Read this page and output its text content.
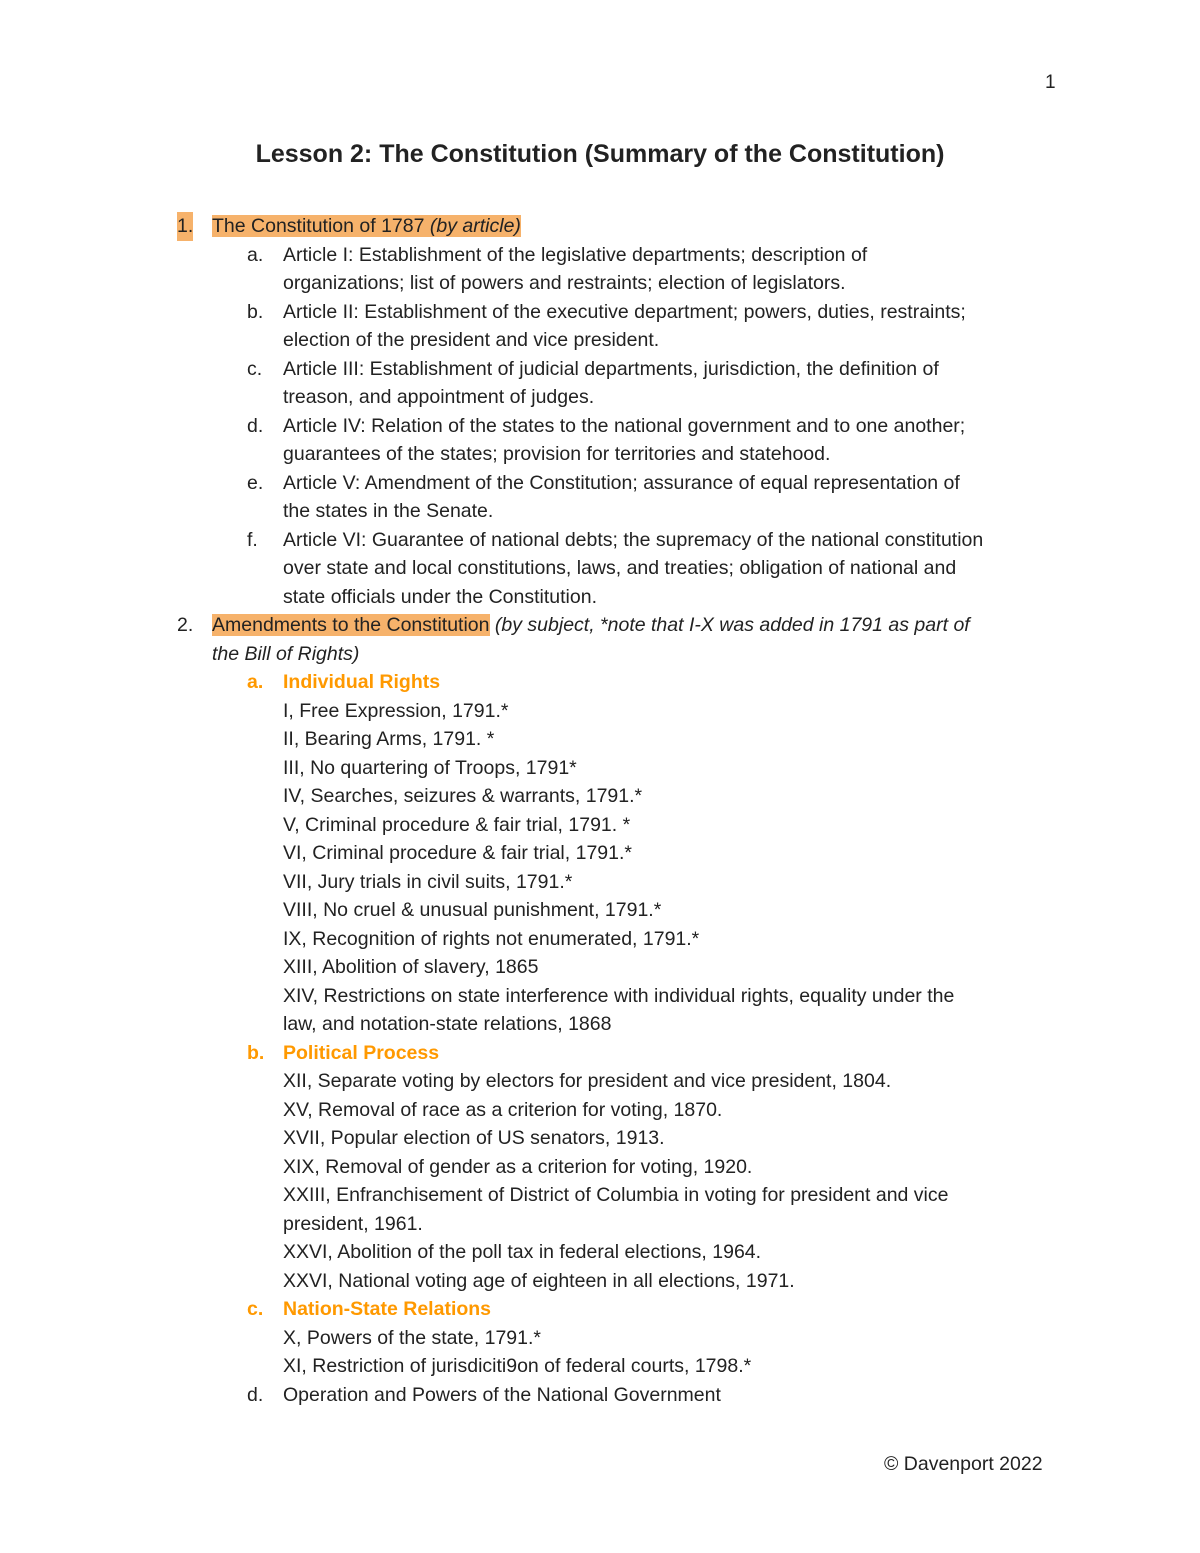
1
Lesson 2: The Constitution (Summary of the Constitution)
1. The Constitution of 1787 (by article)
a. Article I: Establishment of the legislative departments; description of
organizations; list of powers and restraints; election of legislators.
b. Article II: Establishment of the executive department; powers, duties, restraints;
election of the president and vice president.
c. Article III: Establishment of judicial departments, jurisdiction, the definition of
treason, and appointment of judges.
d. Article IV: Relation of the states to the national government and to one another;
guarantees of the states; provision for territories and statehood.
e. Article V: Amendment of the Constitution; assurance of equal representation of
the states in the Senate.
f. Article VI: Guarantee of national debts; the supremacy of the national constitution
over state and local constitutions, laws, and treaties; obligation of national and
state officials under the Constitution.
2. Amendments to the Constitution (by subject, *note that I-X was added in 1791 as part of
the Bill of Rights)
a. Individual Rights
I, Free Expression, 1791.*
II, Bearing Arms, 1791. *
III, No quartering of Troops, 1791*
IV, Searches, seizures & warrants, 1791.*
V, Criminal procedure & fair trial, 1791. *
VI, Criminal procedure & fair trial, 1791.*
VII, Jury trials in civil suits, 1791.*
VIII, No cruel & unusual punishment, 1791.*
IX, Recognition of rights not enumerated, 1791.*
XIII, Abolition of slavery, 1865
XIV, Restrictions on state interference with individual rights, equality under the
law, and notation-state relations, 1868
b. Political Process
XII, Separate voting by electors for president and vice president, 1804.
XV, Removal of race as a criterion for voting, 1870.
XVII, Popular election of US senators, 1913.
XIX, Removal of gender as a criterion for voting, 1920.
XXIII, Enfranchisement of District of Columbia in voting for president and vice
president, 1961.
XXVI, Abolition of the poll tax in federal elections, 1964.
XXVI, National voting age of eighteen in all elections, 1971.
c. Nation-State Relations
X, Powers of the state, 1791.*
XI, Restriction of jurisdiciti9on of federal courts, 1798.*
d. Operation and Powers of the National Government
© Davenport 2022
